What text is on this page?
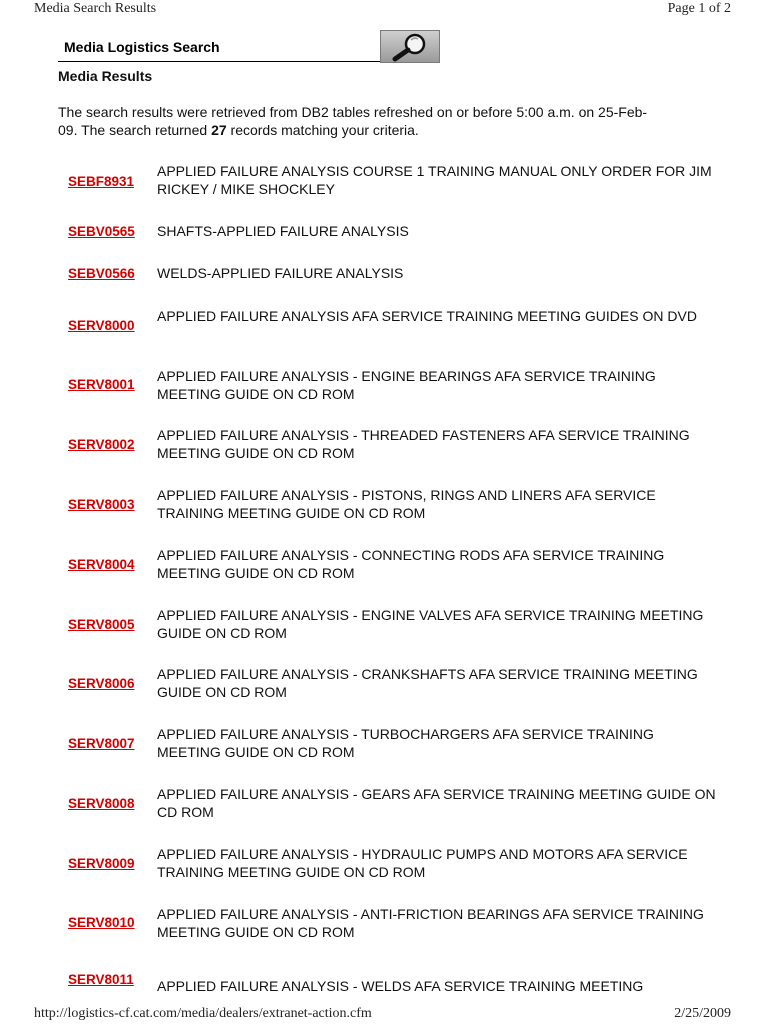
Media Search Results	Page 1 of 2
Media Logistics Search
Media Results
The search results were retrieved from DB2 tables refreshed on or before 5:00 a.m. on 25-Feb-
09. The search returned 27 records matching your criteria.
SEBF8931
APPLIED FAILURE ANALYSIS COURSE 1 TRAINING MANUAL ONLY ORDER FOR JIM RICKEY / MIKE SHOCKLEY
SEBV0565 SHAFTS-APPLIED FAILURE ANALYSIS
SEBV0566 WELDS-APPLIED FAILURE ANALYSIS
SERV8000
APPLIED FAILURE ANALYSIS AFA SERVICE TRAINING MEETING GUIDES ON DVD
SERV8001
APPLIED FAILURE ANALYSIS - ENGINE BEARINGS AFA SERVICE TRAINING MEETING GUIDE ON CD ROM
SERV8002
APPLIED FAILURE ANALYSIS - THREADED FASTENERS AFA SERVICE TRAINING MEETING GUIDE ON CD ROM
SERV8003
APPLIED FAILURE ANALYSIS - PISTONS, RINGS AND LINERS AFA SERVICE TRAINING MEETING GUIDE ON CD ROM
SERV8004
APPLIED FAILURE ANALYSIS - CONNECTING RODS AFA SERVICE TRAINING MEETING GUIDE ON CD ROM
SERV8005
APPLIED FAILURE ANALYSIS - ENGINE VALVES AFA SERVICE TRAINING MEETING GUIDE ON CD ROM
SERV8006
APPLIED FAILURE ANALYSIS - CRANKSHAFTS AFA SERVICE TRAINING MEETING GUIDE ON CD ROM
SERV8007
APPLIED FAILURE ANALYSIS - TURBOCHARGERS AFA SERVICE TRAINING MEETING GUIDE ON CD ROM
SERV8008
APPLIED FAILURE ANALYSIS - GEARS AFA SERVICE TRAINING MEETING GUIDE ON CD ROM
SERV8009
APPLIED FAILURE ANALYSIS - HYDRAULIC PUMPS AND MOTORS AFA SERVICE TRAINING MEETING GUIDE ON CD ROM
SERV8010
APPLIED FAILURE ANALYSIS - ANTI-FRICTION BEARINGS AFA SERVICE TRAINING MEETING GUIDE ON CD ROM
SERV8011 APPLIED FAILURE ANALYSIS - WELDS AFA SERVICE TRAINING MEETING
http://logistics-cf.cat.com/media/dealers/extranet-action.cfm	2/25/2009
